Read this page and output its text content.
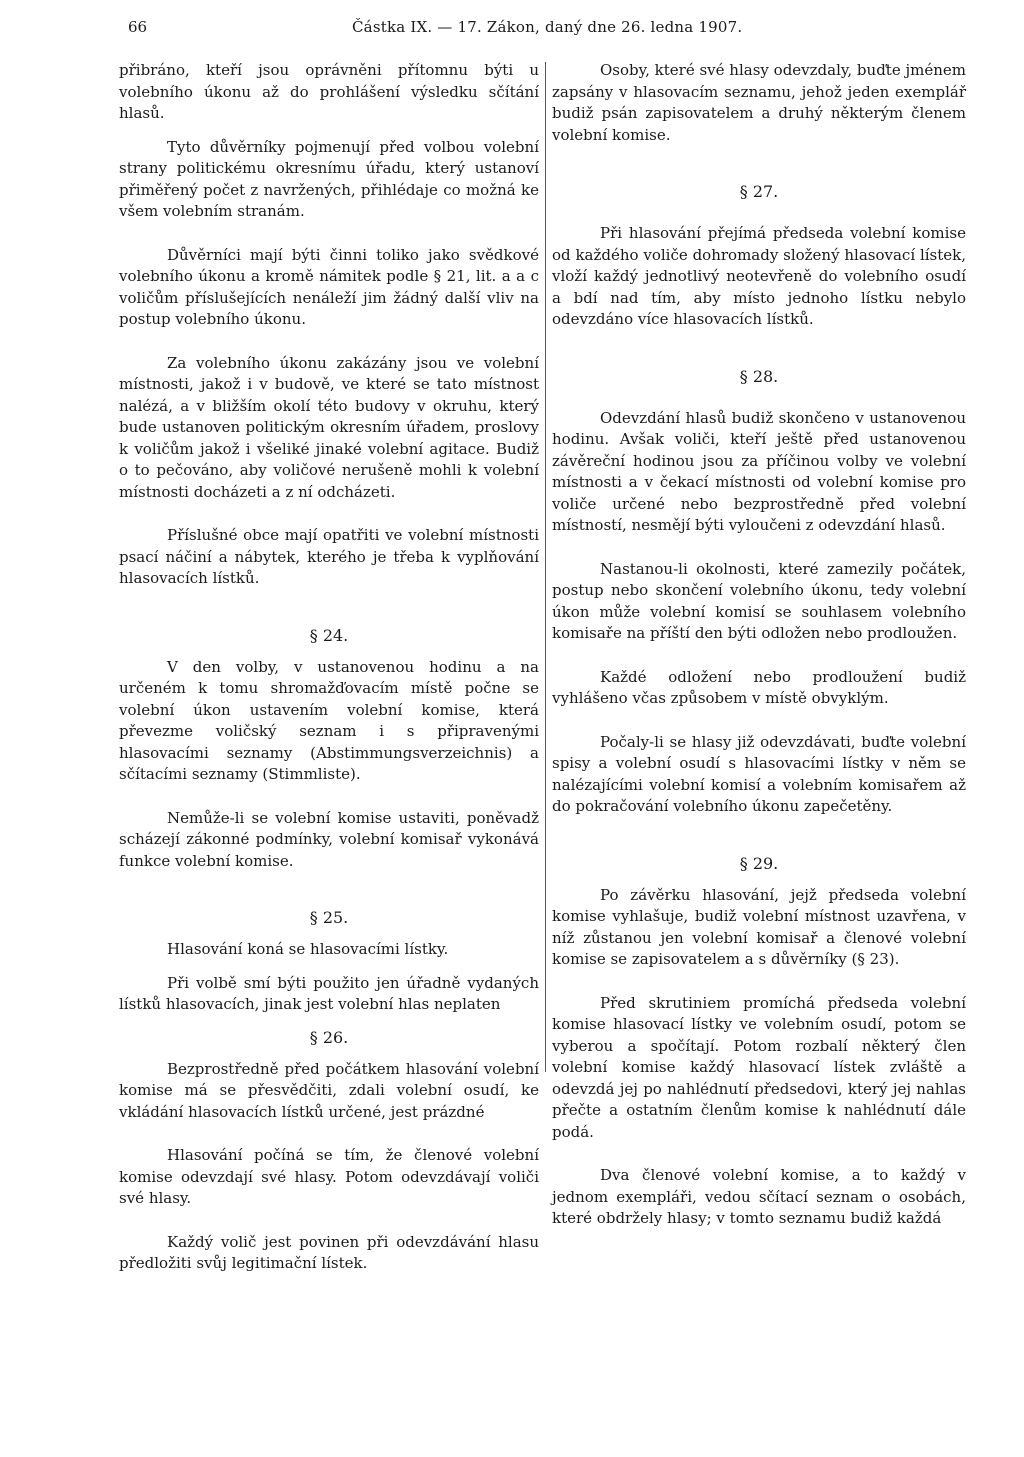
66	Částka IX. — 17. Zákon, daný dne 26. ledna 1907.

přibráno, kteří jsou oprávněni přítomnu býti u volebního úkonu až do prohlášení výsledku sčítání hlasů.

Tyto důvěrníky pojmenují před volbou volební strany politickému okresnímu úřadu, který ustanoví přiměřený počet z navržených, přihlédaje co možná ke všem volebním stranám.

Důvěrníci mají býti činni toliko jako svědkové volebního úkonu a kromě námitek podle § 21, lit. a a c voličům příslušejících nenáleží jim žádný další vliv na postup volebního úkonu.

Za volebního úkonu zakázány jsou ve volební místnosti, jakož i v budově, ve které se tato místnost nalézá, a v bližším okolí této budovy v okruhu, který bude ustanoven politickým okresním úřadem, proslovy k voličům jakož i všeliké jinaké volební agitace. Budiž o to pečováno, aby voličové nerušeně mohli k volební místnosti docházeti a z ní odcházeti.

Příslušné obce mají opatřiti ve volební místnosti psací náčiní a nábytek, kterého je třeba k vyplňování hlasovacích lístků.

§ 24.

V den volby, v ustanovenou hodinu a na určeném k tomu shromažďovacím místě počne se volební úkon ustavením volební komise, která převezme voličský seznam i s připravenými hlasovacími seznamy (Abstimmungsverzeichnis) a sčítacími seznamy (Stimmliste).

Nemůže-li se volební komise ustaviti, poněvadž scházejí zákonné podmínky, volební komisař vykonává funkce volební komise.

§ 25.

Hlasování koná se hlasovacími lístky.

Při volbě smí býti použito jen úřadně vydaných lístků hlasovacích, jinak jest volební hlas neplaten

§ 26.

Bezprostředně před počátkem hlasování volební komise má se přesvědčiti, zdali volební osudí, ke vkládání hlasovacích lístků určené, jest prázdné

Hlasování počíná se tím, že členové volební komise odevzdají své hlasy. Potom odevzdávají voliči své hlasy.

Každý volič jest povinen při odevzdávání hlasu předložiti svůj legitimační lístek.

Osoby, které své hlasy odevzdaly, buďte jménem zapsány v hlasovacím seznamu, jehož jeden exemplář budiž psán zapisovatelem a druhý některým členem volební komise.

§ 27.

Při hlasování přejímá předseda volební komise od každého voliče dohromady složený hlasovací lístek, vloží každý jednotlivý neotevřeně do volebního osudí a bdí nad tím, aby místo jednoho lístku nebylo odevzdáno více hlasovacích lístků.

§ 28.

Odevzdání hlasů budiž skončeno v ustanovenou hodinu. Avšak voliči, kteří ještě před ustanovenou závěreční hodinou jsou za příčinou volby ve volební místnosti a v čekací místnosti od volební komise pro voliče určené nebo bezprostředně před volební místností, nesmějí býti vyloučeni z odevzdání hlasů.

Nastanou-li okolnosti, které zamezily počátek, postup nebo skončení volebního úkonu, tedy volební úkon může volební komisí se souhlasem volebního komisaře na příští den býti odložen nebo prodloužen.

Každé odložení nebo prodloužení budiž vyhlášeno včas způsobem v místě obvyklým.

Počaly-li se hlasy již odevzdávati, buďte volební spisy a volební osudí s hlasovacími lístky v něm se nalézajícími volební komisí a volebním komisařem až do pokračování volebního úkonu zapečetěny.

§ 29.

Po závěrku hlasování, jejž předseda volební komise vyhlašuje, budiž volební místnost uzavřena, v níž zůstanou jen volební komisař a členové volební komise se zapisovatelem a s důvěrníky (§ 23).

Před skrutiniem promíchá předseda volební komise hlasovací lístky ve volebním osudí, potom se vyberou a spočítají. Potom rozbalí některý člen volební komise každý hlasovací lístek zvláště a odevzdá jej po nahlédnutí předsedovi, který jej nahlas přečte a ostatním členům komise k nahlédnutí dále podá.

Dva členové volební komise, a to každý v jednom exempláři, vedou sčítací seznam o osobách, které obdržely hlasy; v tomto seznamu budiž každá
